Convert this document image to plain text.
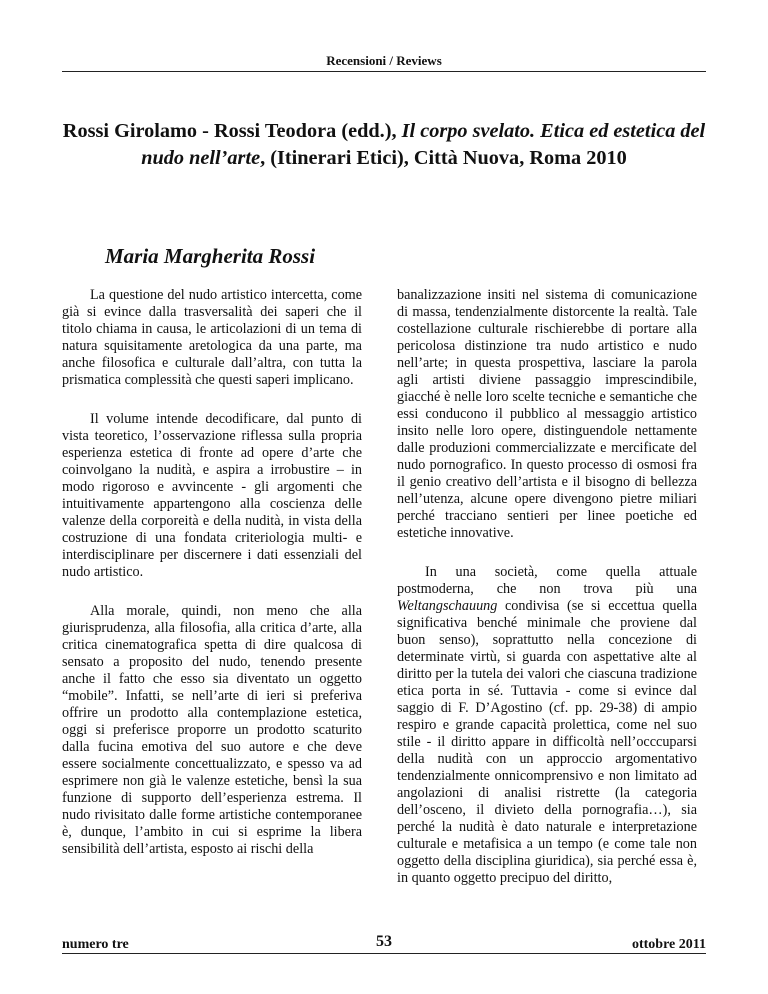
Recensioni / Reviews
Rossi Girolamo - Rossi Teodora (edd.), Il corpo svelato. Etica ed estetica del nudo nell’arte, (Itinerari Etici), Città Nuova, Roma 2010
Maria Margherita Rossi

La questione del nudo artistico intercetta, come già si evince dalla trasversalità dei saperi che il titolo chiama in causa, le articolazioni di un tema di natura squisitamente aretologica da una parte, ma anche filosofica e culturale dall’altra, con tutta la prismatica complessità che questi saperi implicano.

Il volume intende decodificare, dal punto di vista teoretico, l’osservazione riflessa sulla propria esperienza estetica di fronte ad opere d’arte che coinvolgano la nudità, e aspira a irrobustire – in modo rigoroso e avvincente - gli argomenti che intuitivamente appartengono alla coscienza delle valenze della corporeità e della nudità, in vista della costruzione di una fondata criteriologia multi- e interdisciplinare per discernere i dati essenziali del nudo artistico.

Alla morale, quindi, non meno che alla giurisprudenza, alla filosofia, alla critica d’arte, alla critica cinematografica spetta di dire qualcosa di sensato a proposito del nudo, tenendo presente anche il fatto che esso sia diventato un oggetto “mobile”. Infatti, se nell’arte di ieri si preferiva offrire un prodotto alla contemplazione estetica, oggi si preferisce proporre un prodotto scaturito dalla fucina emotiva del suo autore e che deve essere socialmente concettualizzato, e spesso va ad esprimere non già le valenze estetiche, bensì la sua funzione di supporto dell’esperienza estrema. Il nudo rivisitato dalle forme artistiche contemporanee è, dunque, l’ambito in cui si esprime la libera sensibilità dell’artista, esposto ai rischi della

banalizzazione insiti nel sistema di comunicazione di massa, tendenzialmente distorcente la realtà. Tale costellazione culturale rischierebbe di portare alla pericolosa distinzione tra nudo artistico e nudo nell’arte; in questa prospettiva, lasciare la parola agli artisti diviene passaggio imprescindibile, giacché è nelle loro scelte tecniche e semantiche che essi conducono il pubblico al messaggio artistico insito nelle loro opere, distinguendole nettamente dalle produzioni commercializzate e mercificate del nudo pornografico. In questo processo di osmosi fra il genio creativo dell’artista e il bisogno di bellezza nell’utenza, alcune opere divengono pietre miliari perché tracciano sentieri per linee poetiche ed estetiche innovative.

In una società, come quella attuale postmoderna, che non trova più una Weltangschauung condivisa (se si eccettua quella significativa benché minimale che proviene dal buon senso), soprattutto nella concezione di determinate virtù, si guarda con aspettative alte al diritto per la tutela dei valori che ciascuna tradizione etica porta in sé. Tuttavia - come si evince dal saggio di F. D’Agostino (cf. pp. 29-38) di ampio respiro e grande capacità prolettica, come nel suo stile - il diritto appare in difficoltà nell’occcuparsi della nudità con un approccio argomentativo tendenzialmente onnicomprensivo e non limitato ad angolazioni di analisi ristrette (la categoria dell’osceno, il divieto della pornografia…), sia perché la nudità è dato naturale e interpretazione culturale e metafisica a un tempo (e come tale non oggetto della disciplina giuridica), sia perché essa è, in quanto oggetto precipuo del diritto,

numero tre	53	ottobre 2011
